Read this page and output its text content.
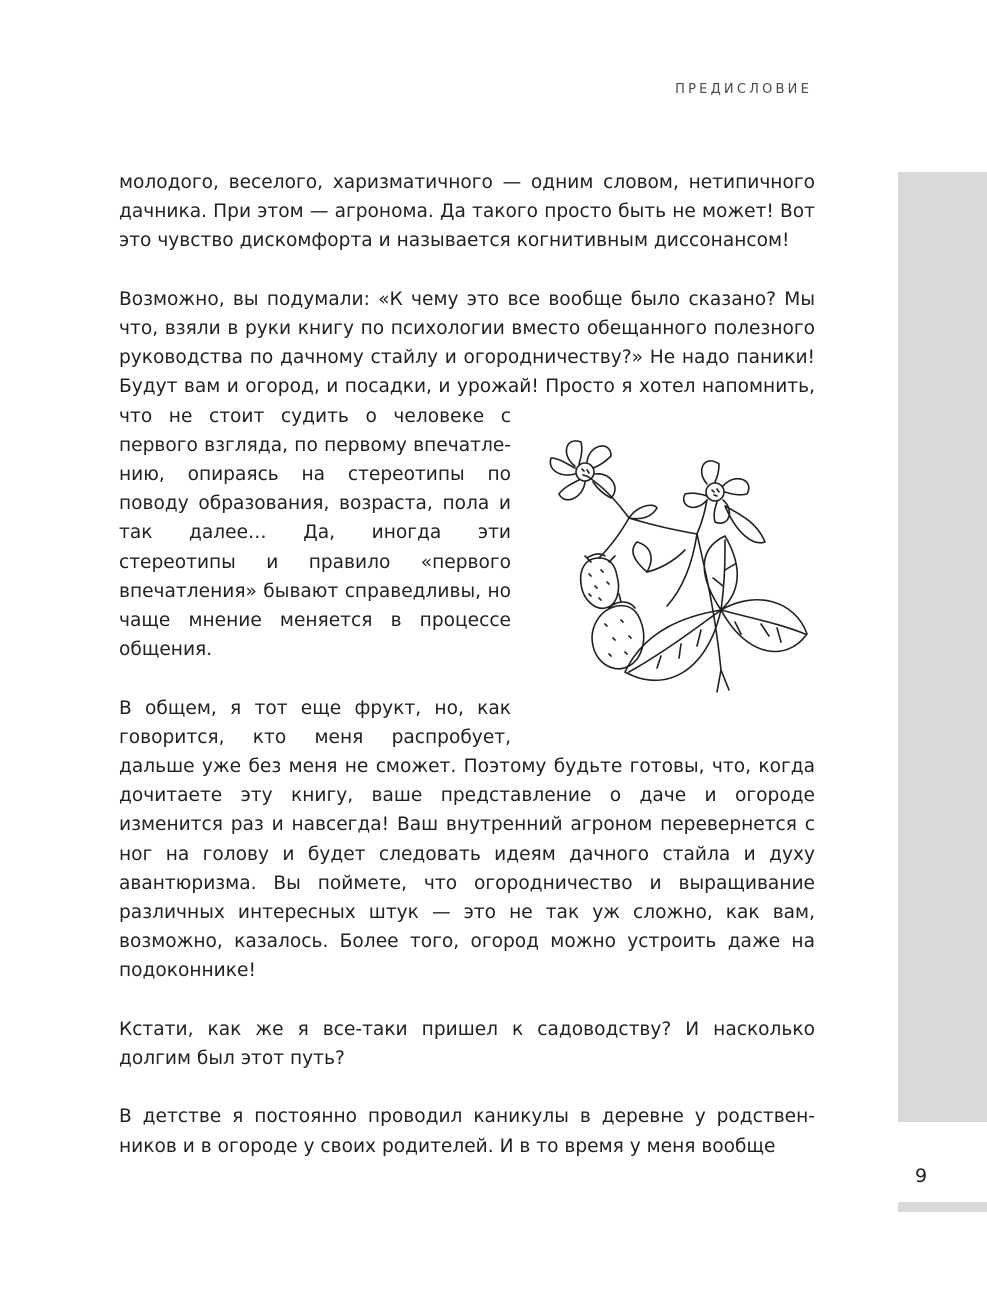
ПРЕДИСЛОВИЕ
9

молодого, веселого, харизматичного — одним словом, нетипичного дачника. При этом — агронома. Да такого просто быть не может! Вот это чувство дискомфорта и называется когнитивным диссонансом!

Возможно, вы подумали: «К чему это все вообще было сказано? Мы что, взяли в руки книгу по психологии вместо обещанного полезного руководства по дачному стайлу и огородничеству?» Не надо паники! Будут вам и огород, и посадки, и урожай! Просто я хотел напомнить, что не стоит судить о человеке
с первого взгляда, по первому впечатлению, опираясь на стереотипы по поводу образования, возраста, пола и так далее… Да, иногда эти стереотипы и правило «первого впечатления» бывают справедливы, но чаще мнение меняется в процессе общения.

В общем, я тот еще фрукт, но, как говорится, кто меня распробует, дальше уже без меня не сможет. Поэтому будьте готовы, что, когда дочитаете эту книгу, ваше представление о даче и огороде изменится раз и навсегда! Ваш внутренний агроном перевернется с ног на голову и будет следовать идеям дачного стайла и духу авантюризма. Вы поймете, что огородничество и выращивание различных интересных штук — это не так уж сложно, как вам, возможно, казалось. Более того, огород можно устроить даже на подоконнике!

Кстати, как же я все-таки пришел к садоводству? И насколько долгим был этот путь?

В детстве я постоянно проводил каникулы в деревне у родственников и в огороде у своих родителей. И в то время у меня вообще
